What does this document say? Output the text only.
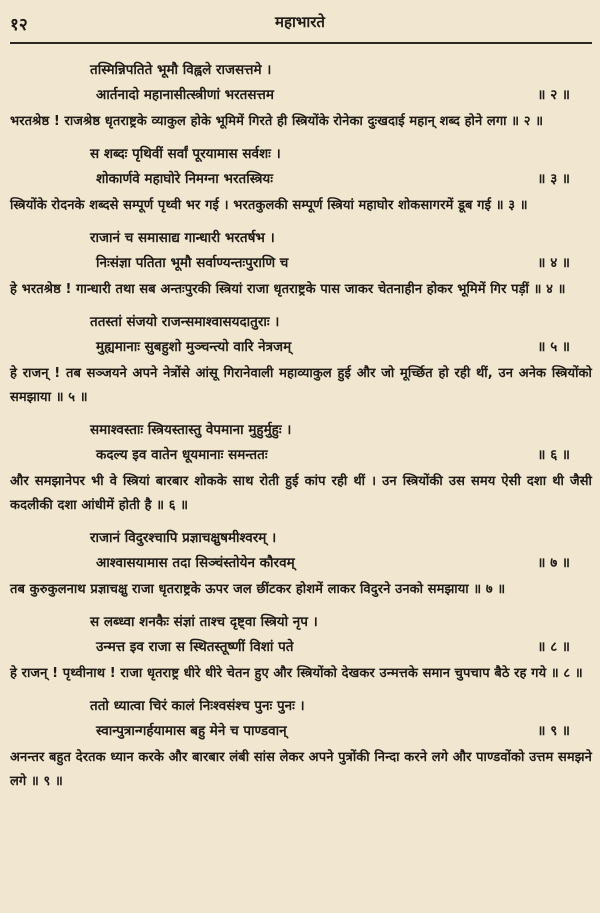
१२	महाभारते
तस्मिन्निपतिते भूमौ विह्वले राजसत्तमे ।
आर्तनादो महानासीत्स्त्रीणां भरतसत्तम	॥ २ ॥
भरतश्रेष्ठ ! राजश्रेष्ठ धृतराष्ट्रके व्याकुल होके भूमिमें गिरते ही स्त्रियोंके रोनेका दुःखदाई महान् शब्द होने लगा ॥ २ ॥
स शब्दः पृथिवीं सर्वां पूरयामास सर्वशः ।
शोकार्णवे महाघोरे निमग्ना भरतस्त्रियः	॥ ३ ॥
स्त्रियोंके रोदनके शब्दसे सम्पूर्ण पृथ्वी भर गई । भरतकुलकी सम्पूर्ण स्त्रियां महाघोर शोकसागरमें डूब गई ॥ ३ ॥
राजानं च समासाद्य गान्धारी भरतर्षभ ।
निःसंज्ञा पतिता भूमौ सर्वाण्यन्तःपुराणि च	॥ ४ ॥
हे भरतश्रेष्ठ ! गान्धारी तथा सब अन्तःपुरकी स्त्रियां राजा धृतराष्ट्रके पास जाकर चेतनाहीन होकर भूमिमें गिर पड़ीं ॥ ४ ॥
ततस्तां संजयो राजन्समाश्वासयदातुराः ।
मुह्यमानाः सुबहुशो मुञ्चन्त्यो वारि नेत्रजम्	॥ ५ ॥
हे राजन् ! तब सञ्जयने अपने नेत्रोंसे आंसू गिरानेवाली महाव्याकुल हुई और जो मूर्च्छित हो रही थीं, उन अनेक स्त्रियोंको समझाया ॥ ५ ॥
समाश्वस्ताः स्त्रियस्तास्तु वेपमाना मुहुर्मुहुः ।
कदल्य इव वातेन धूयमानाः समन्ततः	॥ ६ ॥
और समझानेपर भी वे स्त्रियां बारबार शोकके साथ रोती हुई कांप रही थीं । उन स्त्रियोंकी उस समय ऐसी दशा थी जैसी कदलीकी दशा आंधीमें होती है ॥ ६ ॥
राजानं विदुरश्चापि प्रज्ञाचक्षुषमीश्वरम् ।
आश्वासयामास तदा सिञ्चंस्तोयेन कौरवम्	॥ ७ ॥
तब कुरुकुलनाथ प्रज्ञाचक्षु राजा धृतराष्ट्रके ऊपर जल छींटकर होशमें लाकर विदुरने उनको समझाया ॥ ७ ॥
स लब्ध्वा शनकैः संज्ञां ताश्च दृष्ट्वा स्त्रियो नृप ।
उन्मत्त इव राजा स स्थितस्तूष्णीं विशां पते	॥ ८ ॥
हे राजन् ! पृथ्वीनाथ ! राजा धृतराष्ट्र धीरे धीरे चेतन हुए और स्त्रियोंको देखकर उन्मत्तके समान चुपचाप बैठे रह गये ॥ ८ ॥
ततो ध्यात्वा चिरं कालं निःश्वसंश्च पुनः पुनः ।
स्वान्पुत्रान्गर्हयामास बहु मेने च पाण्डवान्	॥ ९ ॥
अनन्तर बहुत देरतक ध्यान करके और बारबार लंबी सांस लेकर अपने पुत्रोंकी निन्दा करने लगे और पाण्डवोंको उत्तम समझने लगे ॥ ९ ॥
